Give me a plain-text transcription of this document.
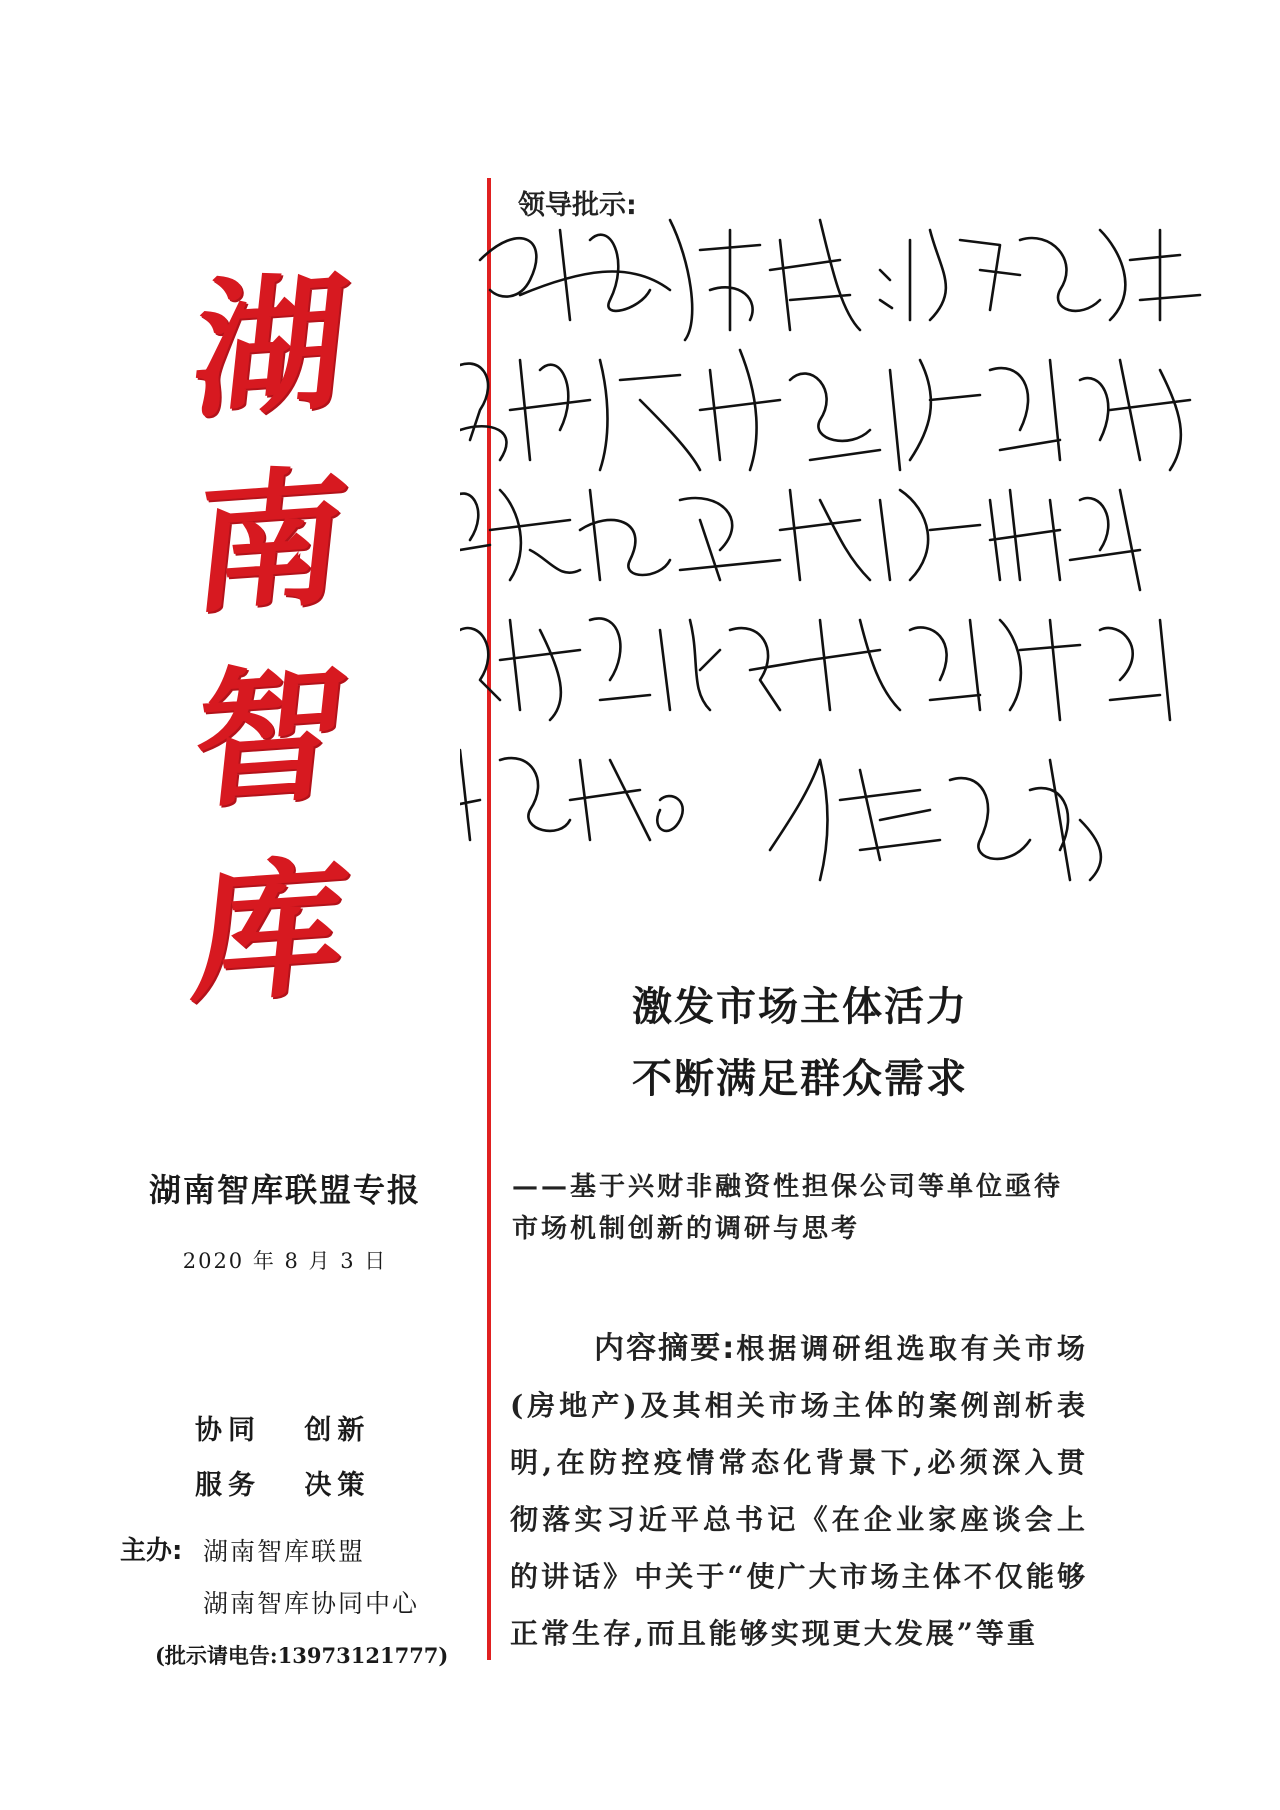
湖
南
智
库
领导批示:
湖南智库联盟专报
2020 年 8 月 3 日
协同 创新
服务 决策
主办: 湖南智库联盟
湖南智库协同中心
(批示请电告:13973121777)
激发市场主体活力
不断满足群众需求
——基于兴财非融资性担保公司等单位亟待市场机制创新的调研与思考
内容摘要:根据调研组选取有关市场(房地产)及其相关市场主体的案例剖析表明,在防控疫情常态化背景下,必须深入贯彻落实习近平总书记《在企业家座谈会上的讲话》中关于“使广大市场主体不仅能够正常生存,而且能够实现更大发展”等重
